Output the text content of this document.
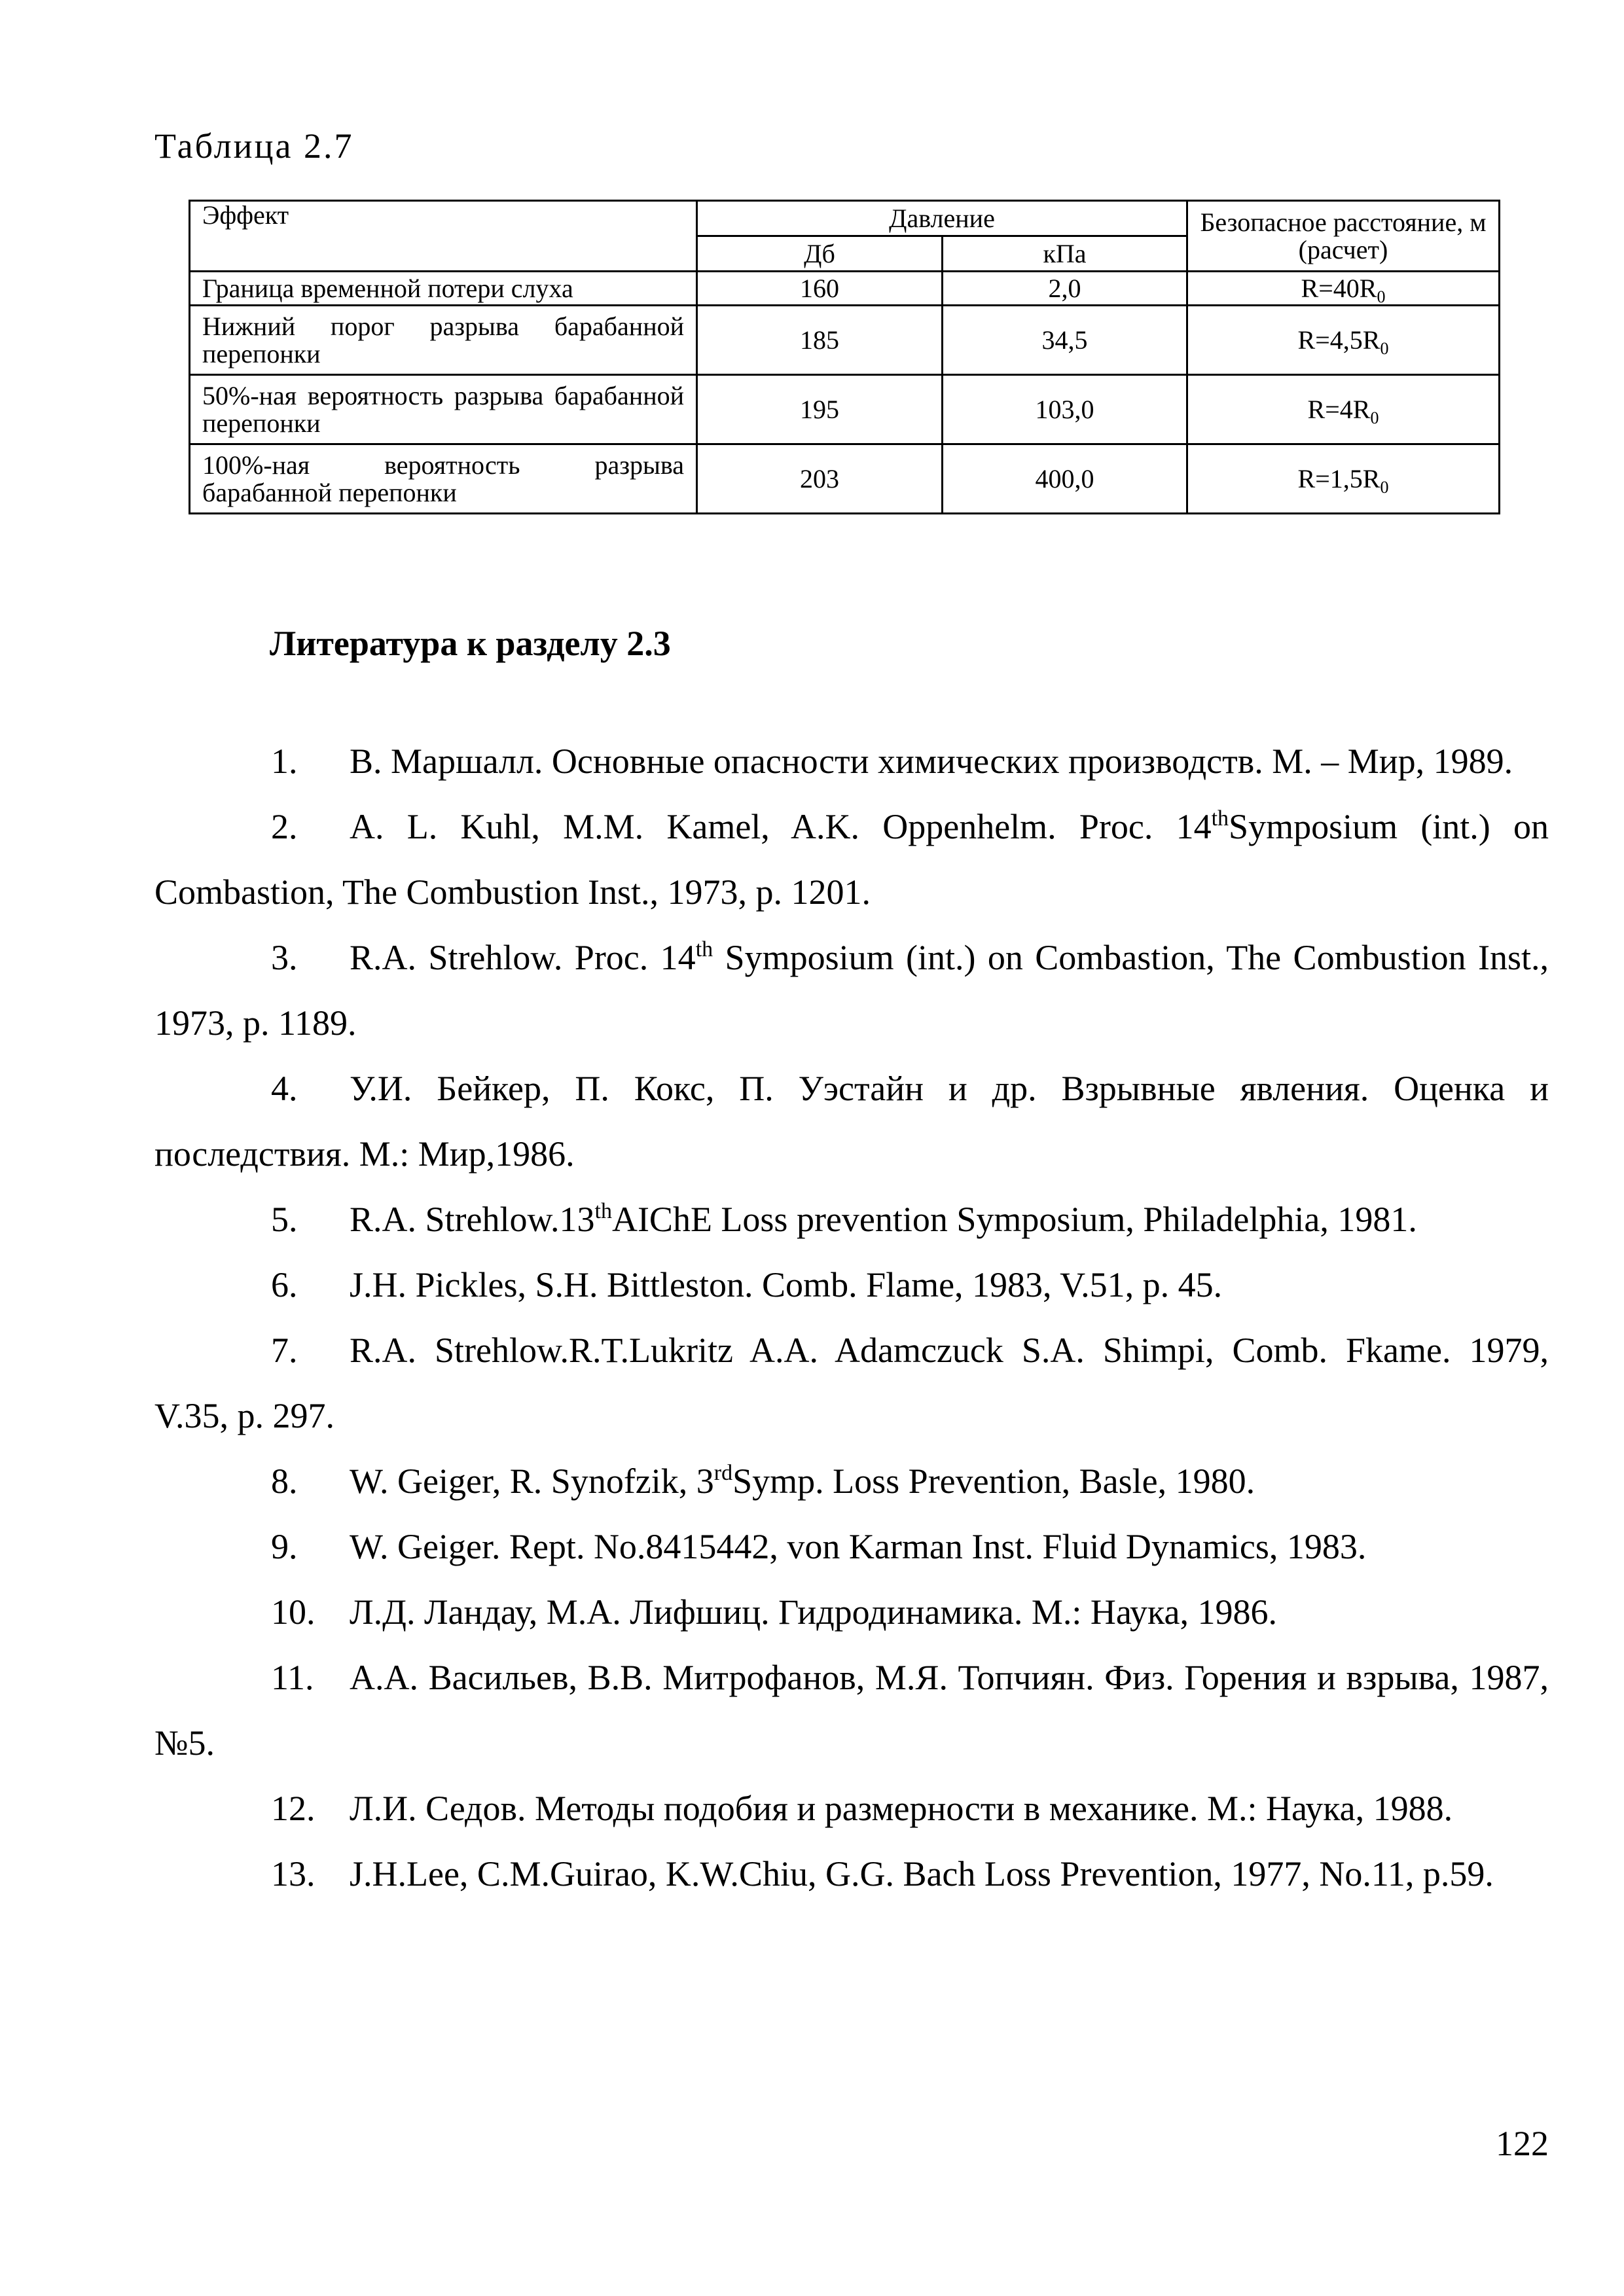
Таблица 2.7
Эффект	Давление		Безопасное расстояние, м (расчет)
	Дб	кПа	
Граница временной потери слуха	160	2,0	$R=40R_0$
Нижний порог разрыва барабанной перепонки	185	34,5	$R=4,5R_0$
50%-ная вероятность разрыва барабанной перепонки	195	103,0	$R=4R_0$
100%-ная вероятность разрыва барабанной перепонки	203	400,0	$R=1,5R_0$
Литература к разделу 2.3

1. В. Маршалл. Основные опасности химических производств. М. – Мир, 1989.

2. A. L. Kuhl, M.M. Kamel, A.K. Oppenhelm. Proc. 14thSymposium (int.) on Combastion, The Combustion Inst., 1973, p. 1201.

3. R.A. Strehlow. Proc. 14th Symposium (int.) on Combastion, The Combustion Inst., 1973, p. 1189.

4. У.И. Бейкер, П. Кокс, П. Уэстайн и др. Взрывные явления. Оценка и последствия. М.: Мир,1986.

5. R.A. Strehlow.13thAIChE Loss prevention Symposium, Philadelphia, 1981.

6. J.H. Pickles, S.H. Bittleston. Comb. Flame, 1983, V.51, p. 45.

7. R.A. Strehlow.R.T.Lukritz A.A. Adamczuck S.A. Shimpi, Comb. Fkame. 1979, V.35, p. 297.

8. W. Geiger, R. Synofzik, 3rdSymp. Loss Prevention, Basle, 1980.

9. W. Geiger. Rept. No.8415442, von Karman Inst. Fluid Dynamics, 1983.

10. Л.Д. Ландау, М.А. Лифшиц. Гидродинамика. М.: Наука, 1986.

11. А.А. Васильев, В.В. Митрофанов, М.Я. Топчиян. Физ. Горения и взрыва, 1987, №5.

12. Л.И. Седов. Методы подобия и размерности в механике. М.: Наука, 1988.

13. J.H.Lee, C.M.Guirao, K.W.Chiu, G.G. Bach Loss Prevention, 1977, No.11, p.59.

122
